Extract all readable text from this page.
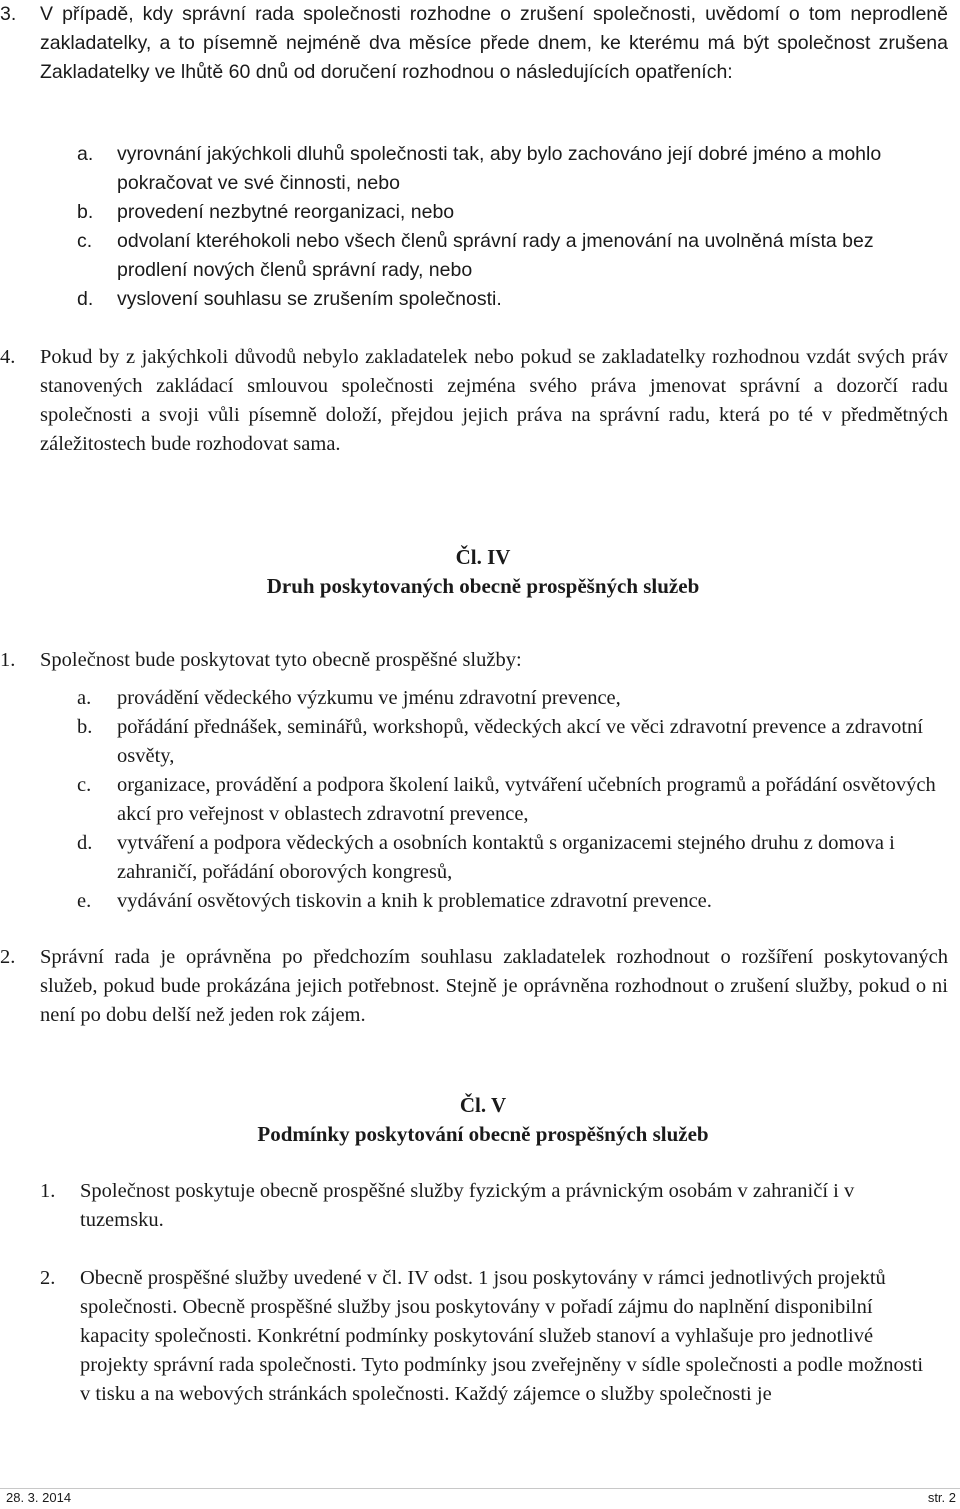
3. V případě, kdy správní rada společnosti rozhodne o zrušení společnosti, uvědomí o tom neprodleně zakladatelky, a to písemně nejméně dva měsíce přede dnem, ke kterému má být společnost zrušena Zakladatelky ve lhůtě 60 dnů od doručení rozhodnou o následujících opatřeních:
a. vyrovnání jakýchkoli dluhů společnosti tak, aby bylo zachováno její dobré jméno a mohlo pokračovat ve své činnosti, nebo
b. provedení nezbytné reorganizaci, nebo
c. odvolaní kteréhokoli nebo všech členů správní rady a jmenování na uvolněná místa bez prodlení nových členů správní rady, nebo
d. vyslovení souhlasu se zrušením společnosti.
4. Pokud by z jakýchkoli důvodů nebylo zakladatelek nebo pokud se zakladatelky rozhodnou vzdát svých práv stanovených zakládací smlouvou společnosti zejména svého práva jmenovat správní a dozorčí radu společnosti a svoji vůli písemně doloží, přejdou jejich práva na správní radu, která po té v předmětných záležitostech bude rozhodovat sama.
Čl. IV
Druh poskytovaných obecně prospěšných služeb
1. Společnost bude poskytovat tyto obecně prospěšné služby:
a. provádění vědeckého výzkumu ve jménu zdravotní prevence,
b. pořádání přednášek, seminářů, workshopů, vědeckých akcí ve věci zdravotní prevence a zdravotní osvěty,
c. organizace, provádění a podpora školení laiků, vytváření učebních programů a pořádání osvětových akcí pro veřejnost v oblastech zdravotní prevence,
d. vytváření a podpora vědeckých a osobních kontaktů s organizacemi stejného druhu z domova i zahraničí, pořádání oborových kongresů,
e. vydávání osvětových tiskovin a knih k problematice zdravotní prevence.
2. Správní rada je oprávněna po předchozím souhlasu zakladatelek rozhodnout o rozšíření poskytovaných služeb, pokud bude prokázána jejich potřebnost. Stejně je oprávněna rozhodnout o zrušení služby, pokud o ni není po dobu delší než jeden rok zájem.
Čl. V
Podmínky poskytování obecně prospěšných služeb
1. Společnost poskytuje obecně prospěšné služby fyzickým a právnickým osobám v zahraničí i v tuzemsku.
2. Obecně prospěšné služby uvedené v čl. IV odst. 1 jsou poskytovány v rámci jednotlivých projektů společnosti. Obecně prospěšné služby jsou poskytovány v pořadí zájmu do naplnění disponibilní kapacity společnosti. Konkrétní podmínky poskytování služeb stanoví a vyhlašuje pro jednotlivé projekty správní rada společnosti. Tyto podmínky jsou zveřejněny v sídle společnosti a podle možnosti v tisku a na webových stránkách společnosti. Každý zájemce o služby společnosti je
28. 3. 2014	str. 2
